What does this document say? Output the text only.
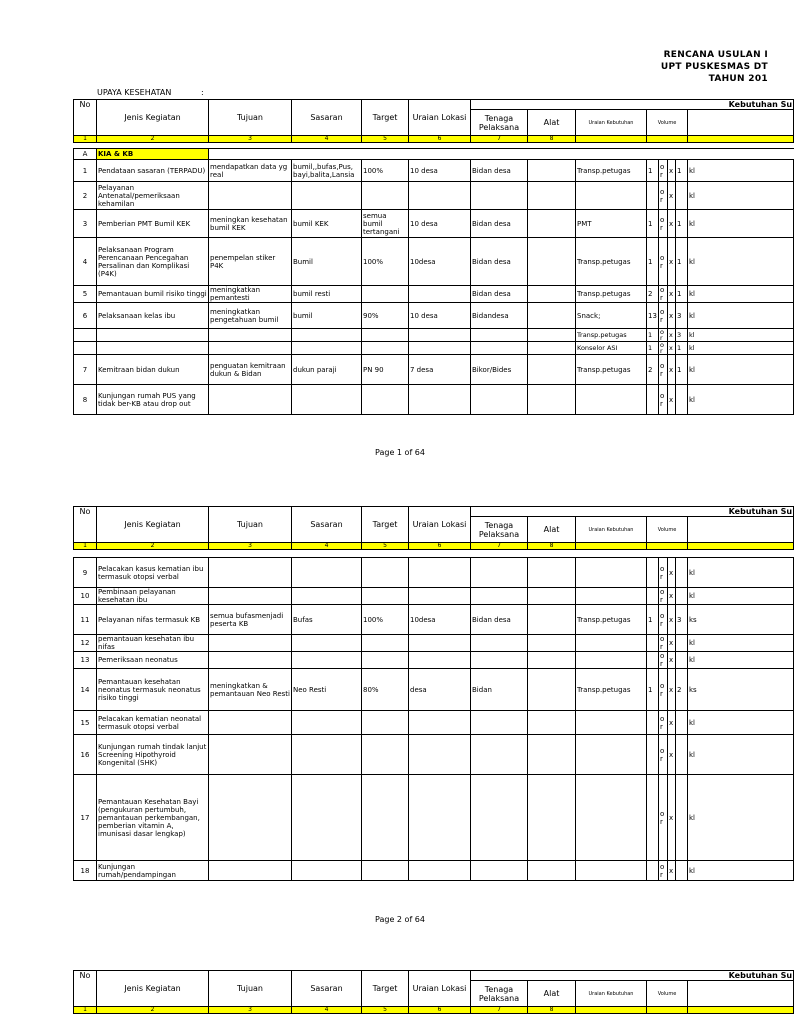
RENCANA USULAN I
UPT PUSKESMAS DT
TAHUN 201
UPAYA KESEHATAN	:
No	Jenis Kegiatan	Tujuan	Sasaran	Target	Uraian Lokasi	Kebutuhan Su							
						Tenaga Pelaksana	Alat	Uraian Kebutuhan	Volume				
1	2	3	4	5	6	7	8						

A	KIA & KB												
1	Pendataan sasaran (TERPADU)	mendapatkan data yg real	bumil,,bufas,Pus, bayi,balita,Lansia	100%	10 desa	Bidan desa		Transp.petugas	1	or	x	1	kl
2	Pelayanan Antenatal/pemeriksaan kehamilan									or	x		kl
3	Pemberian PMT Bumil KEK	meningkan kesehatan bumil KEK	bumil KEK	semua bumil tertangani	10 desa	Bidan desa		PMT	1	or	x	1	kl
4	Pelaksanaan Program Perencanaan Pencegahan Persalinan dan Komplikasi (P4K)	penempelan stiker P4K	Bumil	100%	10desa	Bidan desa		Transp.petugas	1	or	x	1	kl
5	Pemantauan bumil risiko tinggi	meningkatkan pemantesti	bumil resti			Bidan desa		Transp.petugas	2	or	x	1	kl
6	Pelaksanaan kelas ibu	meningkatkan pengetahuan bumil	bumil	90%	10 desa	Bidandesa		Snack;	13	or	x	3	kl
								Transp.petugas	1	or	x	3	kl
								Konselor ASI	1	or	x	1	kl
7	Kemitraan bidan dukun	penguatan kemitraan dukun & Bidan	dukun paraji	PN 90	7 desa	Bikor/Bides		Transp.petugas	2	or	x	1	kl
8	Kunjungan rumah PUS yang tidak ber-KB atau drop out									or	x		kl
Page 1 of 64
No	Jenis Kegiatan	Tujuan	Sasaran	Target	Uraian Lokasi	Kebutuhan Su							
						Tenaga Pelaksana	Alat	Uraian Kebutuhan	Volume				
1	2	3	4	5	6	7	8						

9	Pelacakan kasus kematian ibu termasuk otopsi verbal									or	x		kl
10	Pembinaan pelayanan kesehatan ibu									or	x		kl
11	Pelayanan nifas termasuk KB	semua bufasmenjadi peserta KB	Bufas	100%	10desa	Bidan desa		Transp.petugas	1	or	x	3	ks
12	pemantauan kesehatan ibu nifas									or	x		kl
13	Pemeriksaan neonatus									or	x		kl
14	Pemantauan kesehatan neonatus termasuk neonatus risiko tinggi	meningkatkan & pemantauan Neo Resti	Neo Resti	80%	desa	Bidan		Transp.petugas	1	or	x	2	ks
15	Pelacakan kematian neonatal termasuk otopsi verbal									or	x		kl
16	Kunjungan rumah tindak lanjut Screening Hipothyroid Kongenital (SHK)									or	x		kl
17	Pemantauan Kesehatan Bayi (pengukuran pertumbuh, pemantauan perkembangan, pemberian vitamin A, imunisasi dasar lengkap)									or	x		kl
18	Kunjungan rumah/pendampingan									or	x		kl
Page 2 of 64
No	Jenis Kegiatan	Tujuan	Sasaran	Target	Uraian Lokasi	Kebutuhan Su				
						Tenaga Pelaksana	Alat	Uraian Kebutuhan	Volume	
1	2	3	4	5	6	7	8			
